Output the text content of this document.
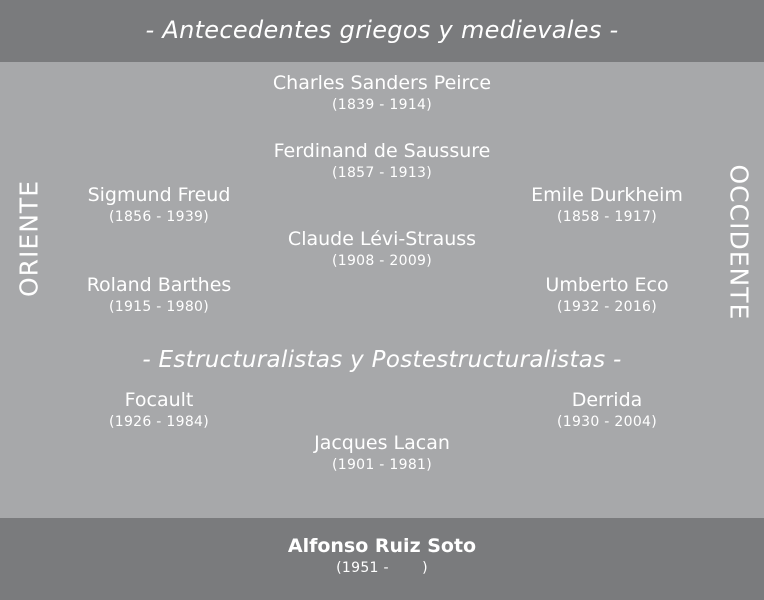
- Antecedentes griegos y medievales -
ORIENTE	OCCIDENTE
Charles Sanders Peirce
(1839 - 1914)
Ferdinand de Saussure
(1857 - 1913)
Sigmund Freud
(1856 - 1939)
Emile Durkheim
(1858 - 1917)
Claude Lévi-Strauss
(1908 - 2009)
Roland Barthes
(1915 - 1980)
Umberto Eco
(1932 - 2016)
- Estructuralistas y Postestructuralistas -
Focault
(1926 - 1984)
Derrida
(1930 - 2004)
Jacques Lacan
(1901 - 1981)
Alfonso Ruiz Soto
(1951 -       )
